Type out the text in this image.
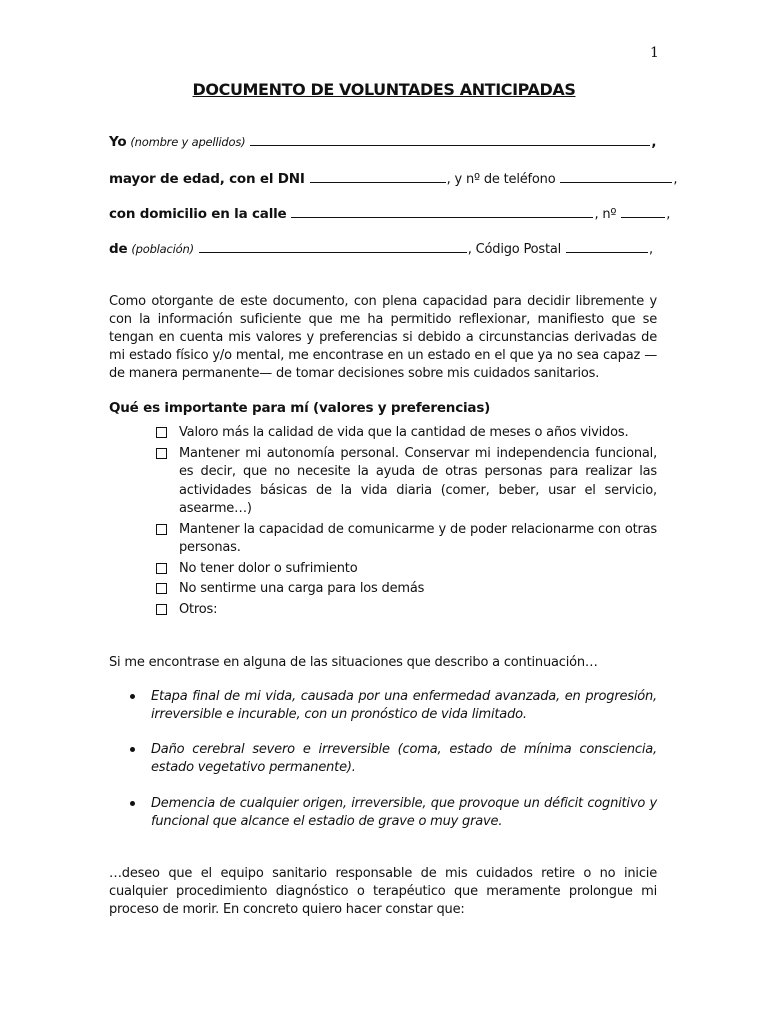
1
DOCUMENTO DE VOLUNTADES ANTICIPADAS
Yo (nombre y apellidos)	,
mayor de edad, con el DNI	, y nº de teléfono	,
con domicilio en la calle	, nº	,
de (población)	, Código Postal	,
Como otorgante de este documento, con plena capacidad para decidir libremente y con la información suficiente que me ha permitido reflexionar, manifiesto que se tengan en cuenta mis valores y preferencias si debido a circunstancias derivadas de mi estado físico y/o mental, me encontrase en un estado en el que ya no sea capaz —de manera permanente— de tomar decisiones sobre mis cuidados sanitarios.
Qué es importante para mí (valores y preferencias)
Valoro más la calidad de vida que la cantidad de meses o años vividos.
Mantener mi autonomía personal. Conservar mi independencia funcional, es decir, que no necesite la ayuda de otras personas para realizar las actividades básicas de la vida diaria (comer, beber, usar el servicio, asearme…)
Mantener la capacidad de comunicarme y de poder relacionarme con otras personas.
No tener dolor o sufrimiento
No sentirme una carga para los demás
Otros:
Si me encontrase en alguna de las situaciones que describo a continuación…
Etapa final de mi vida, causada por una enfermedad avanzada, en progresión, irreversible e incurable, con un pronóstico de vida limitado.
Daño cerebral severo e irreversible (coma, estado de mínima consciencia, estado vegetativo permanente).
Demencia de cualquier origen, irreversible, que provoque un déficit cognitivo y funcional que alcance el estadio de grave o muy grave.
…deseo que el equipo sanitario responsable de mis cuidados retire o no inicie cualquier procedimiento diagnóstico o terapéutico que meramente prolongue mi proceso de morir. En concreto quiero hacer constar que:
